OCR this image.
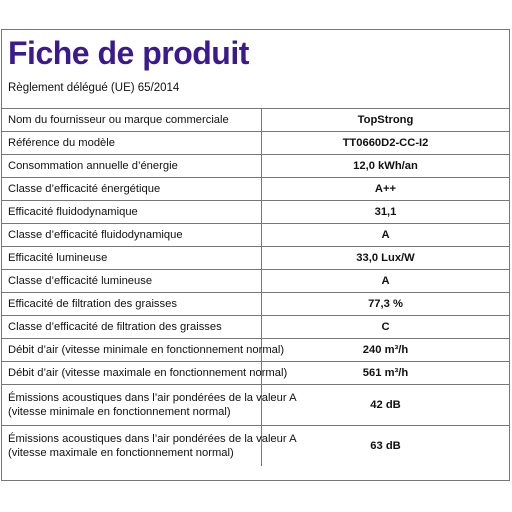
Fiche de produit
Règlement délégué (UE) 65/2014
Nom du fournisseur ou marque commerciale	TopStrong

Référence du modèle	TT0660D2-CC-I2

Consommation annuelle d’énergie	12,0 kWh/an

Classe d’efficacité énergétique	A++

Efficacité fluidodynamique	31,1

Classe d’efficacité fluidodynamique	A

Efficacité lumineuse	33,0 Lux/W

Classe d’efficacité lumineuse	A

Efficacité de filtration des graisses	77,3 %

Classe d’efficacité de filtration des graisses	C

Débit d’air (vitesse minimale en fonctionnement normal)	240 m³/h

Débit d’air (vitesse maximale en fonctionnement normal)	561 m³/h

Émissions acoustiques dans l’air pondérées de la valeur A
(vitesse minimale en fonctionnement normal)	42 dB

Émissions acoustiques dans l’air pondérées de la valeur A
(vitesse maximale en fonctionnement normal)	63 dB
